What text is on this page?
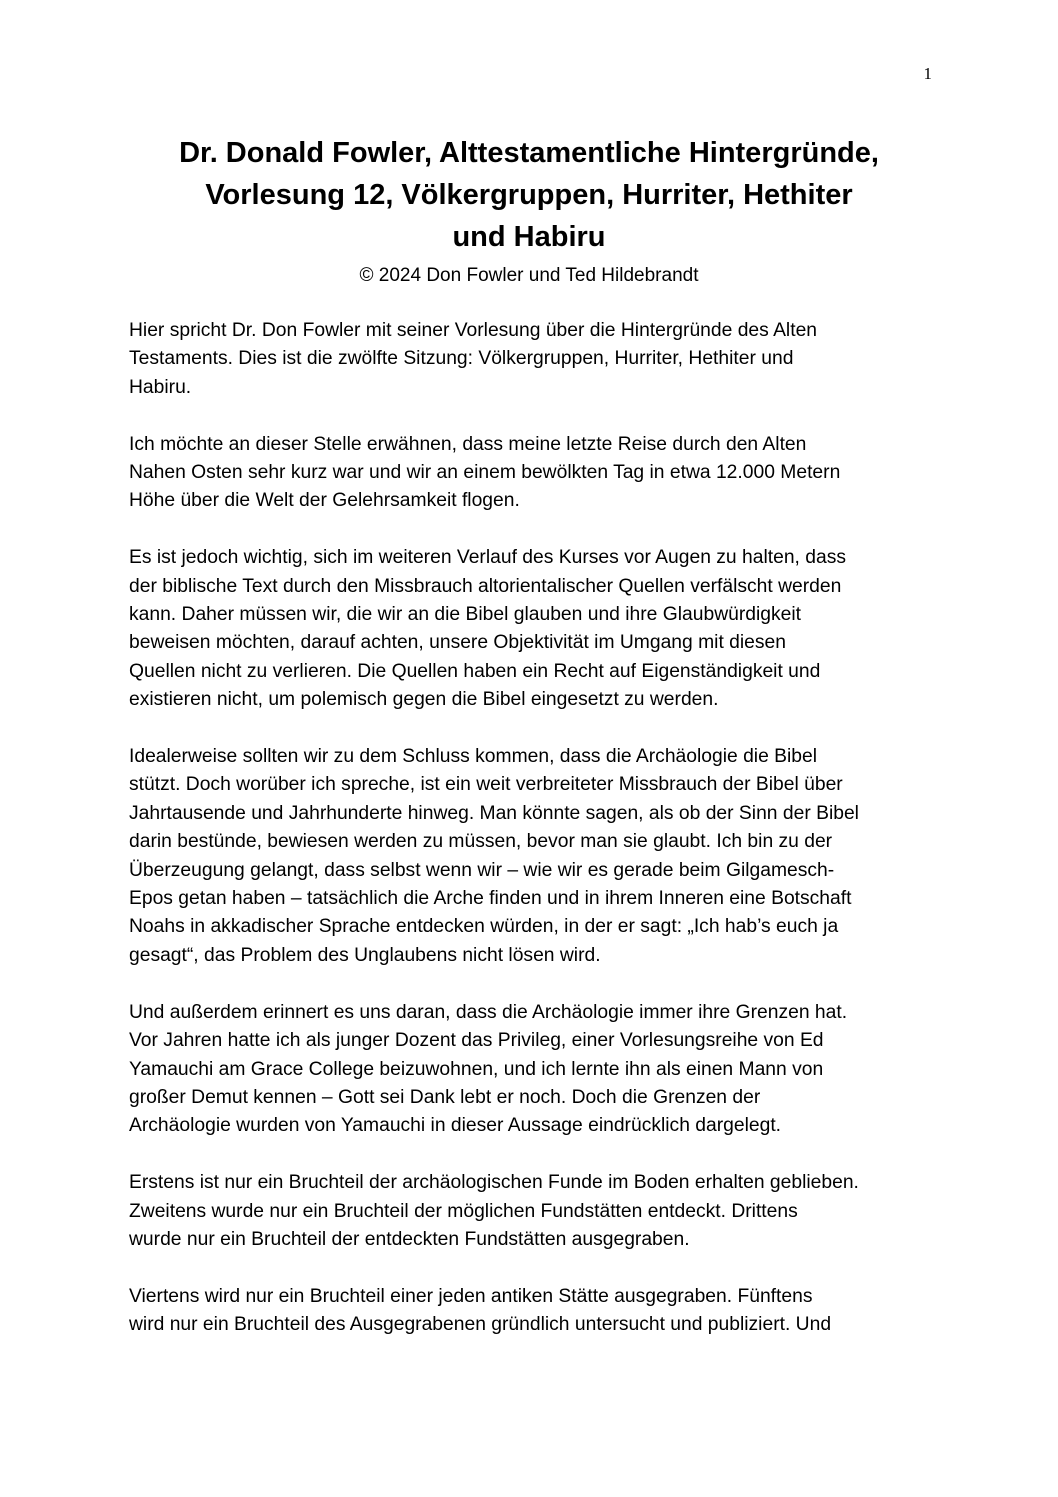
1
Dr. Donald Fowler, Alttestamentliche Hintergründe,
Vorlesung 12, Völkergruppen, Hurriter, Hethiter
und Habiru
© 2024 Don Fowler und Ted Hildebrandt

Hier spricht Dr. Don Fowler mit seiner Vorlesung über die Hintergründe des Alten
Testaments. Dies ist die zwölfte Sitzung: Völkergruppen, Hurriter, Hethiter und
Habiru.

Ich möchte an dieser Stelle erwähnen, dass meine letzte Reise durch den Alten
Nahen Osten sehr kurz war und wir an einem bewölkten Tag in etwa 12.000 Metern
Höhe über die Welt der Gelehrsamkeit flogen.

Es ist jedoch wichtig, sich im weiteren Verlauf des Kurses vor Augen zu halten, dass
der biblische Text durch den Missbrauch altorientalischer Quellen verfälscht werden
kann. Daher müssen wir, die wir an die Bibel glauben und ihre Glaubwürdigkeit
beweisen möchten, darauf achten, unsere Objektivität im Umgang mit diesen
Quellen nicht zu verlieren. Die Quellen haben ein Recht auf Eigenständigkeit und
existieren nicht, um polemisch gegen die Bibel eingesetzt zu werden.

Idealerweise sollten wir zu dem Schluss kommen, dass die Archäologie die Bibel
stützt. Doch worüber ich spreche, ist ein weit verbreiteter Missbrauch der Bibel über
Jahrtausende und Jahrhunderte hinweg. Man könnte sagen, als ob der Sinn der Bibel
darin bestünde, bewiesen werden zu müssen, bevor man sie glaubt. Ich bin zu der
Überzeugung gelangt, dass selbst wenn wir – wie wir es gerade beim Gilgamesch-
Epos getan haben – tatsächlich die Arche finden und in ihrem Inneren eine Botschaft
Noahs in akkadischer Sprache entdecken würden, in der er sagt: „Ich hab’s euch ja
gesagt“, das Problem des Unglaubens nicht lösen wird.

Und außerdem erinnert es uns daran, dass die Archäologie immer ihre Grenzen hat.
Vor Jahren hatte ich als junger Dozent das Privileg, einer Vorlesungsreihe von Ed
Yamauchi am Grace College beizuwohnen, und ich lernte ihn als einen Mann von
großer Demut kennen – Gott sei Dank lebt er noch. Doch die Grenzen der
Archäologie wurden von Yamauchi in dieser Aussage eindrücklich dargelegt.

Erstens ist nur ein Bruchteil der archäologischen Funde im Boden erhalten geblieben.
Zweitens wurde nur ein Bruchteil der möglichen Fundstätten entdeckt. Drittens
wurde nur ein Bruchteil der entdeckten Fundstätten ausgegraben.

Viertens wird nur ein Bruchteil einer jeden antiken Stätte ausgegraben. Fünftens
wird nur ein Bruchteil des Ausgegrabenen gründlich untersucht und publiziert. Und
